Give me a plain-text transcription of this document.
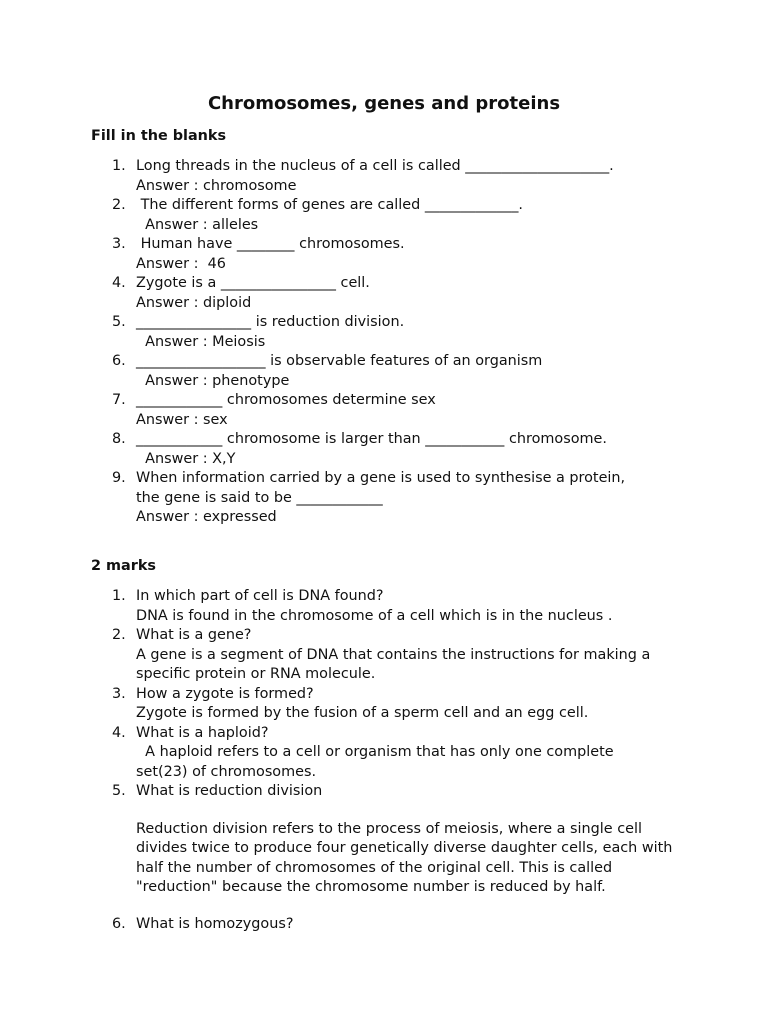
Chromosomes, genes and proteins
Fill in the blanks
1. Long threads in the nucleus of a cell is called ____________________.
Answer : chromosome
2. The different forms of genes are called _____________.
Answer : alleles
3. Human have ________ chromosomes.
Answer :  46
4. Zygote is a ________________ cell.
Answer : diploid
5. ________________ is reduction division.
Answer : Meiosis
6. __________________ is observable features of an organism
Answer : phenotype
7. ____________ chromosomes determine sex
Answer : sex
8. ____________ chromosome is larger than ___________ chromosome.
Answer : X,Y
9. When information carried by a gene is used to synthesise a protein,
the gene is said to be ____________
Answer : expressed
2 marks
1. In which part of cell is DNA found?
DNA is found in the chromosome of a cell which is in the nucleus .
2. What is a gene?
A gene is a segment of DNA that contains the instructions for making a specific protein or RNA molecule.
3. How a zygote is formed?
Zygote is formed by the fusion of a sperm cell and an egg cell.
4. What is a haploid?
A haploid refers to a cell or organism that has only one complete set(23) of chromosomes.
5. What is reduction division
Reduction division refers to the process of meiosis, where a single cell divides twice to produce four genetically diverse daughter cells, each with half the number of chromosomes of the original cell. This is called "reduction" because the chromosome number is reduced by half.
6. What is homozygous?
